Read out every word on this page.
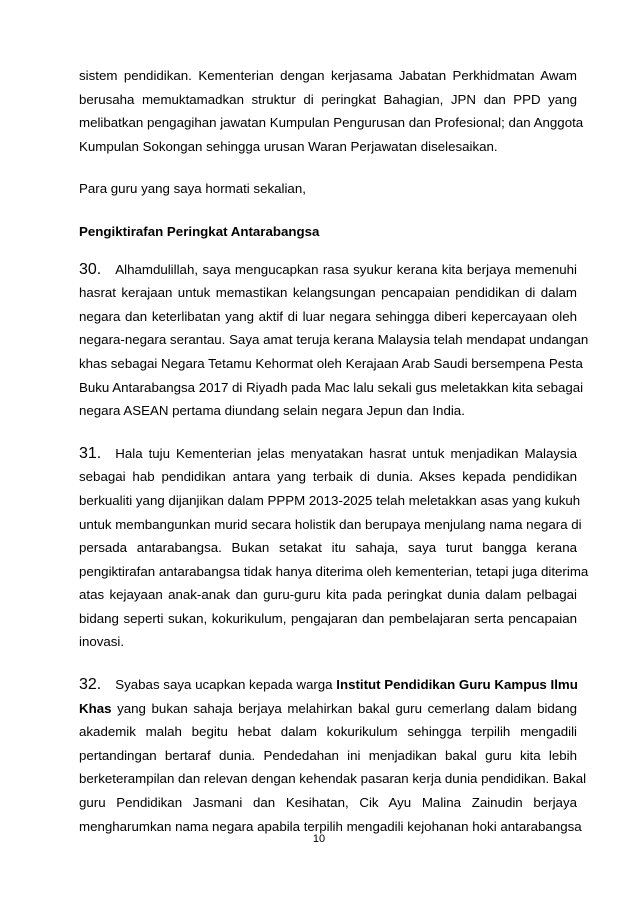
sistem pendidikan. Kementerian dengan kerjasama Jabatan Perkhidmatan Awam
berusaha memuktamadkan struktur di peringkat Bahagian, JPN dan PPD yang
melibatkan pengagihan jawatan Kumpulan Pengurusan dan Profesional; dan Anggota
Kumpulan Sokongan sehingga urusan Waran Perjawatan diselesaikan.
Para guru yang saya hormati sekalian,
Pengiktirafan Peringkat Antarabangsa
30. Alhamdulillah, saya mengucapkan rasa syukur kerana kita berjaya memenuhi
hasrat kerajaan untuk memastikan kelangsungan pencapaian pendidikan di dalam
negara dan keterlibatan yang aktif di luar negara sehingga diberi kepercayaan oleh
negara-negara serantau. Saya amat teruja kerana Malaysia telah mendapat undangan
khas sebagai Negara Tetamu Kehormat oleh Kerajaan Arab Saudi bersempena Pesta
Buku Antarabangsa 2017 di Riyadh pada Mac lalu sekali gus meletakkan kita sebagai
negara ASEAN pertama diundang selain negara Jepun dan India.
31. Hala tuju Kementerian jelas menyatakan hasrat untuk menjadikan Malaysia
sebagai hab pendidikan antara yang terbaik di dunia. Akses kepada pendidikan
berkualiti yang dijanjikan dalam PPPM 2013-2025 telah meletakkan asas yang kukuh
untuk membangunkan murid secara holistik dan berupaya menjulang nama negara di
persada antarabangsa. Bukan setakat itu sahaja, saya turut bangga kerana
pengiktirafan antarabangsa tidak hanya diterima oleh kementerian, tetapi juga diterima
atas kejayaan anak-anak dan guru-guru kita pada peringkat dunia dalam pelbagai
bidang seperti sukan, kokurikulum, pengajaran dan pembelajaran serta pencapaian
inovasi.
32. Syabas saya ucapkan kepada warga Institut Pendidikan Guru Kampus Ilmu
Khas yang bukan sahaja berjaya melahirkan bakal guru cemerlang dalam bidang
akademik malah begitu hebat dalam kokurikulum sehingga terpilih mengadili
pertandingan bertaraf dunia. Pendedahan ini menjadikan bakal guru kita lebih
berketerampilan dan relevan dengan kehendak pasaran kerja dunia pendidikan. Bakal
guru Pendidikan Jasmani dan Kesihatan, Cik Ayu Malina Zainudin berjaya
mengharumkan nama negara apabila terpilih mengadili kejohanan hoki antarabangsa
10
